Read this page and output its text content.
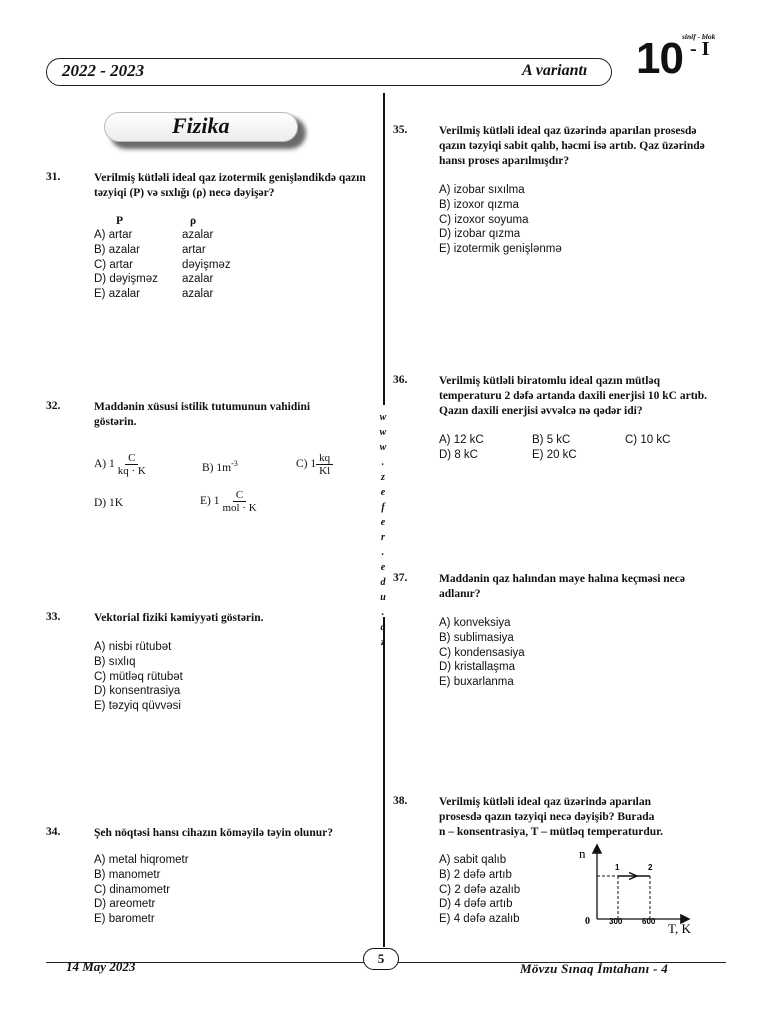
2022 - 2023	A variantı
sinif - blok
10 - I
Fizika
w
w
w
.
z
e
f
e
r
.
e
d
u
.
a
z
31.	Verilmiş kütləli ideal qaz izotermik genişləndikdə qazın təzyiqi (P) və sıxlığı (ρ) necə dəyişər?
P	ρ
A) artar	azalar
B) azalar	artar
C) artar	dəyişməz
D) dəyişməz	azalar
E) azalar	azalar
32.	Maddənin xüsusi istilik tutumunun vahidini göstərin.
A) $1 \frac{C}{kq \cdot K}$	B) $1m^{-3}$	C) $1 \frac{kq}{Kl}$
D) 1K	E) $1 \frac{C}{\text{mol · K}}$
33.	Vektorial fiziki kəmiyyəti göstərin.
A) nisbi rütubət
B) sıxlıq
C) mütləq rütubət
D) konsentrasiya
E) təzyiq qüvvəsi
34.	Şeh nöqtəsi hansı cihazın köməyilə təyin olunur?
A) metal hiqrometr
B) manometr
C) dinamometr
D) areometr
E) barometr
35.	Verilmiş kütləli ideal qaz üzərində aparılan prosesdə qazın təzyiqi sabit qalıb, həcmi isə artıb. Qaz üzərində hansı proses aparılmışdır?
A) izobar sıxılma
B) izoxor qızma
C) izoxor soyuma
D) izobar qızma
E) izotermik genişlənmə
36.	Verilmiş kütləli biratomlu ideal qazın mütləq temperaturu 2 dəfə artanda daxili enerjisi 10 kC artıb. Qazın daxili enerjisi əvvəlcə nə qədər idi?
A) 12 kC	B) 5 kC	C) 10 kC
D) 8 kC	E) 20 kC
37.	Maddənin qaz halından maye halına keçməsi necə adlanır?
A) konveksiya
B) sublimasiya
C) kondensasiya
D) kristallaşma
E) buxarlanma
38.	Verilmiş kütləli ideal qaz üzərində aparılan
prosesdə qazın təzyiqi necə dəyişib? Burada
n – konsentrasiya, T – mütləq temperaturdur.
A) sabit qalıb
B) 2 dəfə artıb
C) 2 dəfə azalıb
D) 4 dəfə artıb
E) 4 dəfə azalıb
n
T, K
0 300 600
1	2
14 May 2023
5
Mövzu Sınaq İmtahanı - 4
